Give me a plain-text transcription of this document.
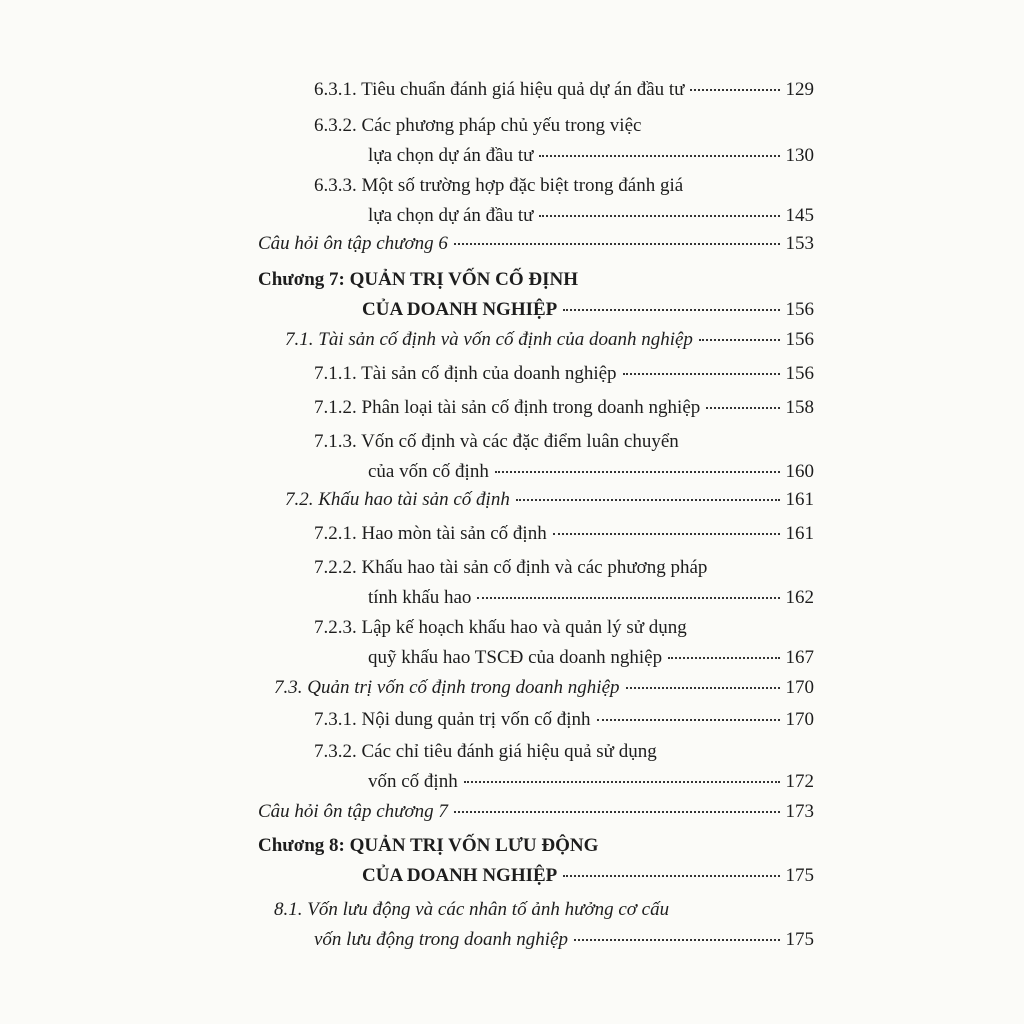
6.3.1. Tiêu chuẩn đánh giá hiệu quả dự án đầu tư	129
6.3.2. Các phương pháp chủ yếu trong việc
lựa chọn dự án đầu tư	130
6.3.3. Một số trường hợp đặc biệt trong đánh giá
lựa chọn dự án đầu tư	145
Câu hỏi ôn tập chương 6	153
Chương 7: QUẢN TRỊ VỐN CỐ ĐỊNH
CỦA DOANH NGHIỆP	156
7.1. Tài sản cố định và vốn cố định của doanh nghiệp	156
7.1.1. Tài sản cố định của doanh nghiệp	156
7.1.2. Phân loại tài sản cố định trong doanh nghiệp	158
7.1.3. Vốn cố định và các đặc điểm luân chuyển
của vốn cố định	160
7.2. Khấu hao tài sản cố định	161
7.2.1. Hao mòn tài sản cố định	161
7.2.2. Khấu hao tài sản cố định và các phương pháp
tính khấu hao	162
7.2.3. Lập kế hoạch khấu hao và quản lý sử dụng
quỹ khấu hao TSCĐ của doanh nghiệp	167
7.3. Quản trị vốn cố định trong doanh nghiệp	170
7.3.1. Nội dung quản trị vốn cố định	170
7.3.2. Các chỉ tiêu đánh giá hiệu quả sử dụng
vốn cố định	172
Câu hỏi ôn tập chương 7	173
Chương 8: QUẢN TRỊ VỐN LƯU ĐỘNG
CỦA DOANH NGHIỆP	175
8.1. Vốn lưu động và các nhân tố ảnh hưởng cơ cấu
vốn lưu động trong doanh nghiệp	175
